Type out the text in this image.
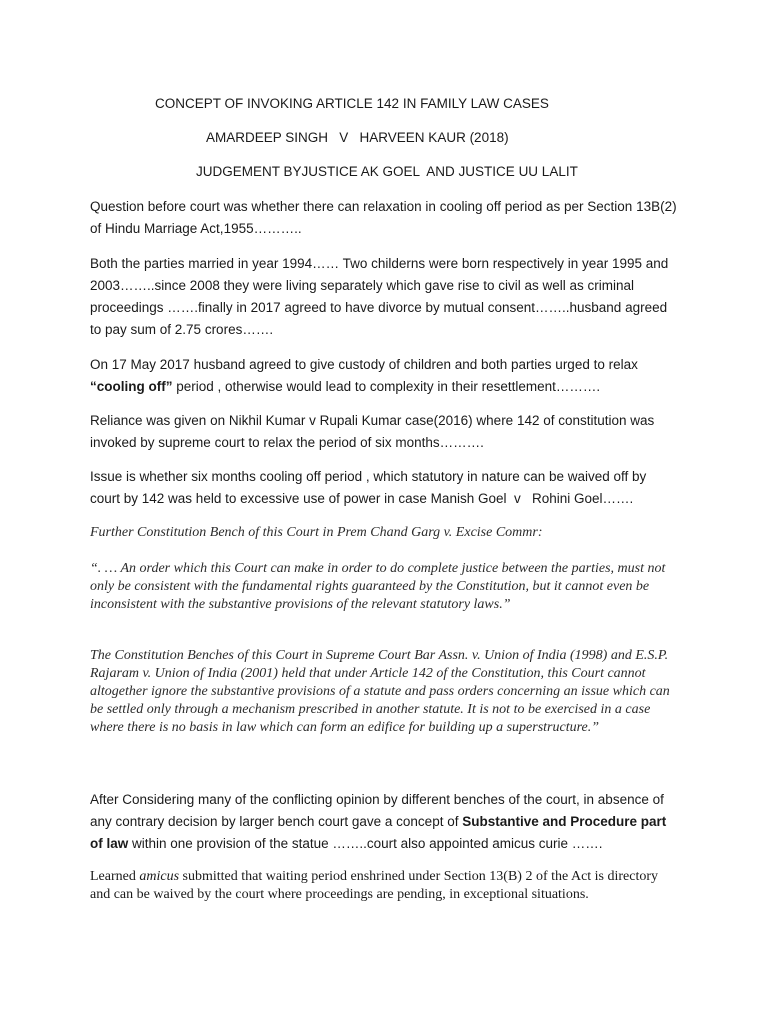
CONCEPT OF INVOKING ARTICLE 142 IN FAMILY LAW CASES

AMARDEEP SINGH   V   HARVEEN KAUR (2018)

JUDGEMENT BYJUSTICE AK GOEL  AND JUSTICE UU LALIT

Question before court was whether there can relaxation in cooling off period as per Section 13B(2) of Hindu Marriage Act,1955………..

Both the parties married in year 1994…… Two childerns were born respectively in year 1995 and 2003……..since 2008 they were living separately which gave rise to civil as well as criminal proceedings …….finally in 2017 agreed to have divorce by mutual consent……..husband agreed to pay sum of 2.75 crores…….

On 17 May 2017 husband agreed to give custody of children and both parties urged to relax “cooling off” period , otherwise would lead to complexity in their resettlement……….

Reliance was given on Nikhil Kumar v Rupali Kumar case(2016) where 142 of constitution was invoked by supreme court to relax the period of six months……….

Issue is whether six months cooling off period , which statutory in nature can be waived off by court by 142 was held to excessive use of power in case Manish Goel  v   Rohini Goel…….

Further Constitution Bench of this Court in Prem Chand Garg v. Excise Commr:

“. … An order which this Court can make in order to do complete justice between the parties, must not only be consistent with the fundamental rights guaranteed by the Constitution, but it cannot even be inconsistent with the substantive provisions of the relevant statutory laws.”

The Constitution Benches of this Court in Supreme Court Bar Assn. v. Union of India (1998) and E.S.P. Rajaram v. Union of India (2001) held that under Article 142 of the Constitution, this Court cannot altogether ignore the substantive provisions of a statute and pass orders concerning an issue which can be settled only through a mechanism prescribed in another statute. It is not to be exercised in a case where there is no basis in law which can form an edifice for building up a superstructure.”

After Considering many of the conflicting opinion by different benches of the court, in absence of any contrary decision by larger bench court gave a concept of Substantive and Procedure part of law within one provision of the statue ……..court also appointed amicus curie …….

Learned amicus submitted that waiting period enshrined under Section 13(B) 2 of the Act is directory and can be waived by the court where proceedings are pending, in exceptional situations.
